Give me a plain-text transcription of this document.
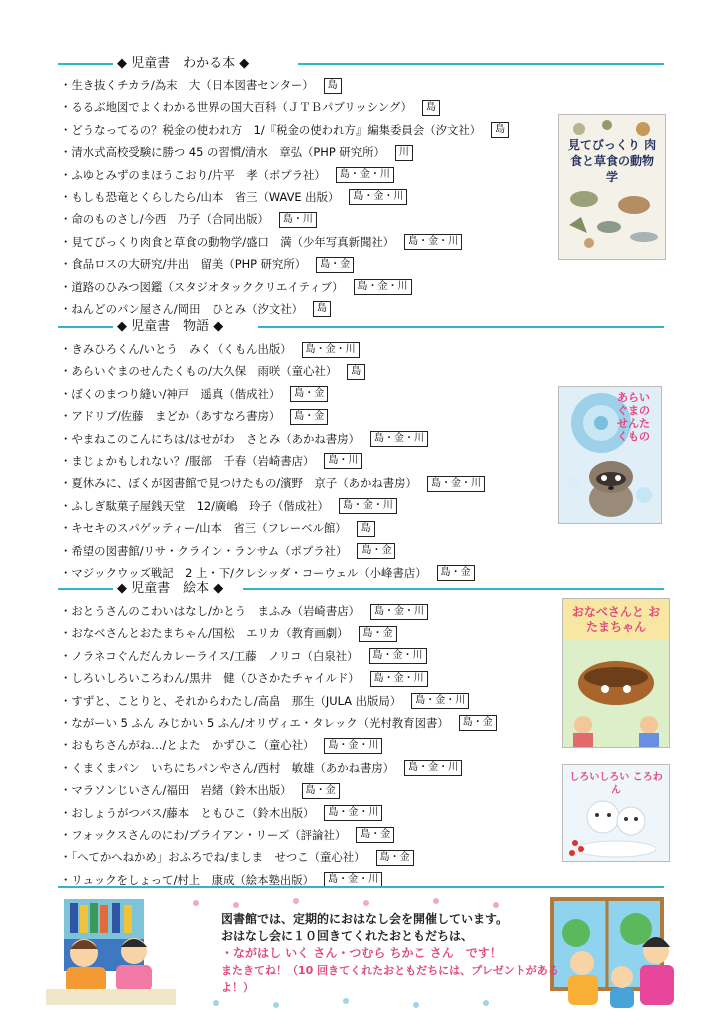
◆ 児童書　わかる本 ◆
・生き抜くチカラ/為末　大（日本図書センター） 島
・るるぶ地図でよくわかる世界の国大百科（ＪＴＢパブリッシング） 島
・どうなってるの？税金の使われ方　1/『税金の使われ方』編集委員会（汐文社） 島
・清水式高校受験に勝つ 45 の習慣/清水　章弘（PHP 研究所） 川
・ふゆとみずのまほうこおり/片平　孝（ポプラ社） 島・金・川
・もしも恐竜とくらしたら/山本　省三（WAVE 出版） 島・金・川
・命のものさし/今西　乃子（合同出版） 島・川
・見てびっくり肉食と草食の動物学/盛口　満（少年写真新聞社） 島・金・川
・食品ロスの大研究/井出　留美（PHP 研究所） 島・金
・道路のひみつ図鑑（スタジオタッククリエイティブ） 島・金・川
・ねんどのパン屋さん/岡田　ひとみ（汐文社） 島
◆ 児童書　物語 ◆
・きみひろくん/いとう　みく（くもん出版） 島・金・川
・あらいぐまのせんたくもの/大久保　雨咲（童心社） 島
・ぼくのまつり縫い/神戸　遥真（偕成社） 島・金
・アドリブ/佐藤　まどか（あすなろ書房） 島・金
・やまねこのこんにちは/はせがわ　さとみ（あかね書房） 島・金・川
・まじょかもしれない？/服部　千春（岩崎書店） 島・川
・夏休みに、ぼくが図書館で見つけたもの/濱野　京子（あかね書房） 島・金・川
・ふしぎ駄菓子屋銭天堂　12/廣嶋　玲子（偕成社） 島・金・川
・キセキのスパゲッティー/山本　省三（フレーベル館） 島
・希望の図書館/リサ・クライン・ランサム（ポプラ社） 島・金
・マジックウッズ戦記　2 上・下/クレシッダ・コーウェル（小峰書店） 島・金
◆ 児童書　絵本 ◆
・おとうさんのこわいはなし/かとう　まふみ（岩崎書店） 島・金・川
・おなべさんとおたまちゃん/国松　エリカ（教育画劇） 島・金
・ノラネコぐんだんカレーライス/工藤　ノリコ（白泉社） 島・金・川
・しろいしろいころわん/黒井　健（ひさかたチャイルド） 島・金・川
・すずと、ことりと、それからわたし/高畠　那生（JULA 出版局） 島・金・川
・ながーい 5 ふん みじかい 5 ふん/オリヴィエ・タレック（光村教育図書） 島・金
・おもちさんがね…/とよた　かずひこ（童心社） 島・金・川
・くまくまパン　いちにちパンやさん/西村　敏雄（あかね書房） 島・金・川
・マラソンじいさん/福田　岩緒（鈴木出版） 島・金
・おしょうがつバス/藤本　ともひこ（鈴木出版） 島・金・川
・フォックスさんのにわ/ブライアン・リーズ（評論社） 島・金
・「へてかへねかめ」おふろでね/ましま　せつこ（童心社） 島・金
・リュックをしょって/村上　康成（絵本塾出版） 島・金・川
見てびっくり 肉食と草食の動物学
あらいぐまの せんたくもの
おなべさんと おたまちゃん
しろいしろい ころわん
図書館では、定期的におはなし会を開催しています。
おはなし会に１０回きてくれたおともだちは、
・ながはし いく さん・つむら ちかこ さん　です！
またきてね！（10 回きてくれたおともだちには、プレゼントがあるよ！）
